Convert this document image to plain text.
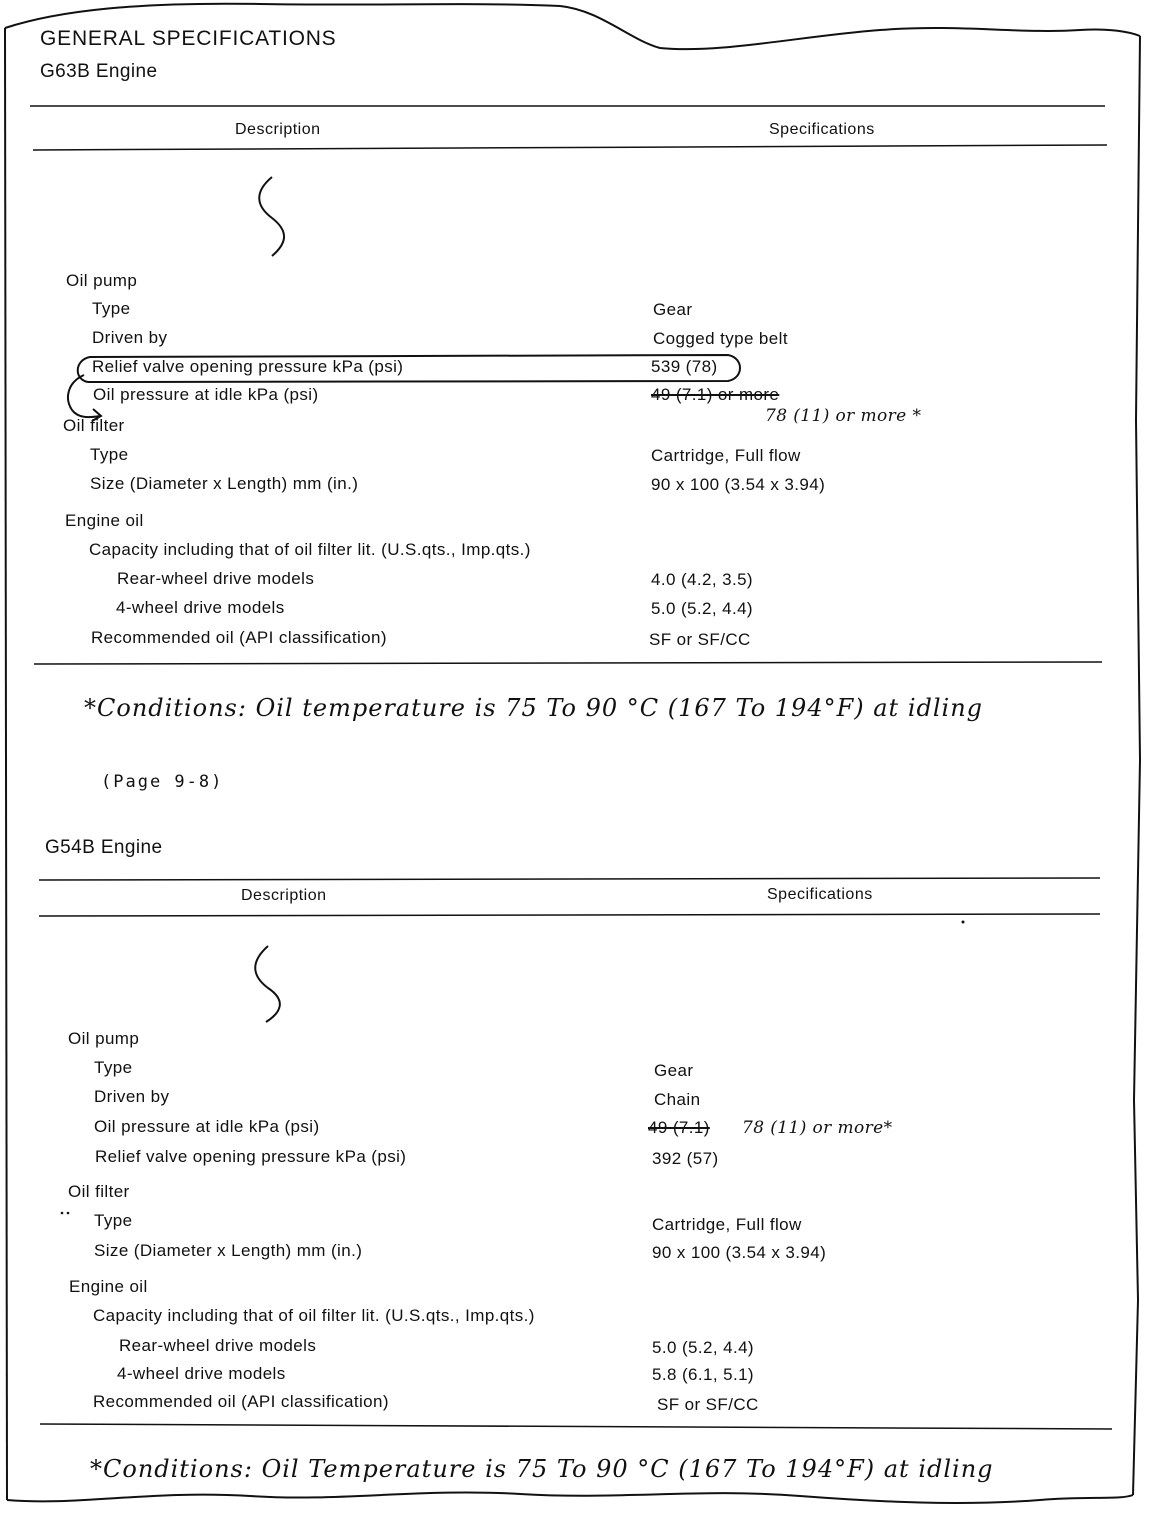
GENERAL SPECIFICATIONS
G63B Engine
Description	Specifications
Oil pump
Type	Gear
Driven by	Cogged type belt
Relief valve opening pressure kPa (psi)	539 (78)
Oil pressure at idle kPa (psi)	49 (7.1) or more
78 (11) or more *
Oil filter
Type	Cartridge, Full flow
Size (Diameter x Length) mm (in.)	90 x 100 (3.54 x 3.94)
Engine oil
Capacity including that of oil filter lit. (U.S.qts., Imp.qts.)
Rear-wheel drive models	4.0 (4.2, 3.5)
4-wheel drive models	5.0 (5.2, 4.4)
Recommended oil (API classification)	SF or SF/CC
*Conditions: Oil temperature is 75 To 90 °C (167 To 194°F) at idling
(Page 9-8)
G54B Engine
Description	Specifications
Oil pump
Type	Gear
Driven by	Chain
Oil pressure at idle kPa (psi)	49 (7.1) 78 (11) or more*
Relief valve opening pressure kPa (psi)	392 (57)
Oil filter
Type	Cartridge, Full flow
Size (Diameter x Length) mm (in.)	90 x 100 (3.54 x 3.94)
Engine oil
Capacity including that of oil filter lit. (U.S.qts., Imp.qts.)
Rear-wheel drive models	5.0 (5.2, 4.4)
4-wheel drive models	5.8 (6.1, 5.1)
Recommended oil (API classification)	SF or SF/CC
*Conditions: Oil Temperature is 75 To 90 °C (167 To 194°F) at idling
